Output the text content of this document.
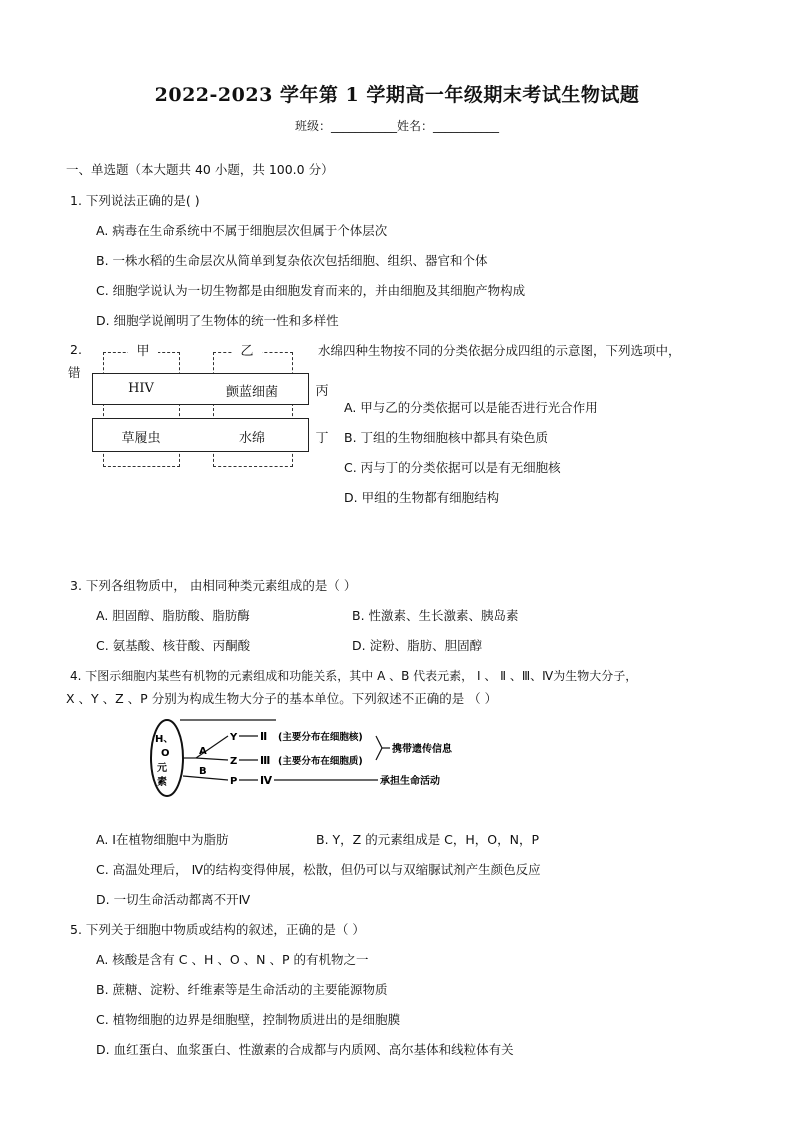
2022-2023 学年第 1 学期高一年级期末考试生物试题
班级：___________姓名：___________
一、单选题（本大题共 40 小题，共 100.0 分）
1. 下列说法正确的是( )
A. 病毒在生命系统中不属于细胞层次但属于个体层次
B. 一株水稻的生命层次从简单到复杂依次包括细胞、组织、器官和个体
C. 细胞学说认为一切生物都是由细胞发育而来的，并由细胞及其细胞产物构成
D. 细胞学说阐明了生物体的统一性和多样性
2.	水绵四种生物按不同的分类依据分成四组的示意图，下列选项中，
错
甲	乙
HIV	颤蓝细菌
草履虫	水绵
丙
丁
A. 甲与乙的分类依据可以是能否进行光合作用
B. 丁组的生物细胞核中都具有染色质
C. 丙与丁的分类依据可以是有无细胞核
D. 甲组的生物都有细胞结构
3. 下列各组物质中， 由相同种类元素组成的是（ ）
A. 胆固醇、脂肪酸、脂肪酶	B. 性激素、生长激素、胰岛素
C. 氨基酸、核苷酸、丙酮酸	D. 淀粉、脂肪、胆固醇
4. 下图示细胞内某些有机物的元素组成和功能关系，其中 A 、B 代表元素， Ⅰ 、 Ⅱ 、Ⅲ、Ⅳ为生物大分子，
X 、Y 、Z 、P 分别为构成生物大分子的基本单位。下列叙述不正确的是 （ ）
H、
O
元
素
A
B
Y
Z
P
Ⅱ
Ⅲ
Ⅳ
(主要分布在细胞核)
(主要分布在细胞质)
携带遗传信息
承担生命活动
A. Ⅰ在植物细胞中为脂肪	B. Y，Z 的元素组成是 C，H，O，N，P
C. 高温处理后， Ⅳ的结构变得伸展，松散，但仍可以与双缩脲试剂产生颜色反应
D. 一切生命活动都离不开Ⅳ
5. 下列关于细胞中物质或结构的叙述，正确的是（ ）
A. 核酸是含有 C 、H 、O 、N 、P 的有机物之一
B. 蔗糖、淀粉、纤维素等是生命活动的主要能源物质
C. 植物细胞的边界是细胞壁，控制物质进出的是细胞膜
D. 血红蛋白、血浆蛋白、性激素的合成都与内质网、高尔基体和线粒体有关
